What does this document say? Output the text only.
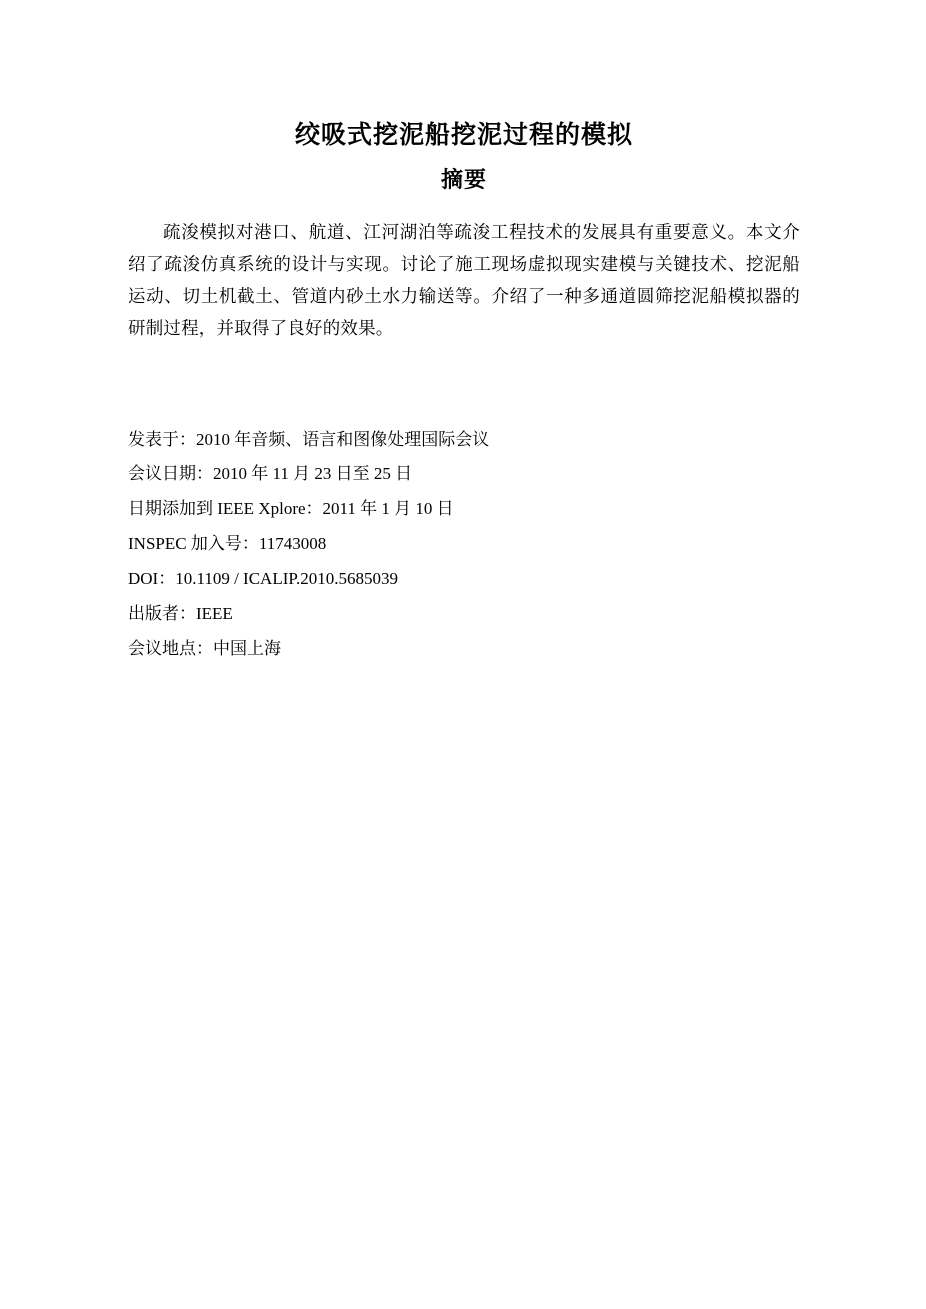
绞吸式挖泥船挖泥过程的模拟
摘要

疏浚模拟对港口、航道、江河湖泊等疏浚工程技术的发展具有重要意义。本文介绍了疏浚仿真系统的设计与实现。讨论了施工现场虚拟现实建模与关键技术、挖泥船运动、切土机截土、管道内砂土水力输送等。介绍了一种多通道圆筛挖泥船模拟器的研制过程，并取得了良好的效果。

发表于：2010 年音频、语言和图像处理国际会议
会议日期：2010 年 11 月 23 日至 25 日
日期添加到 IEEE Xplore：2011 年 1 月 10 日
INSPEC 加入号：11743008
DOI：10.1109 / ICALIP.2010.5685039
出版者：IEEE
会议地点：中国上海
